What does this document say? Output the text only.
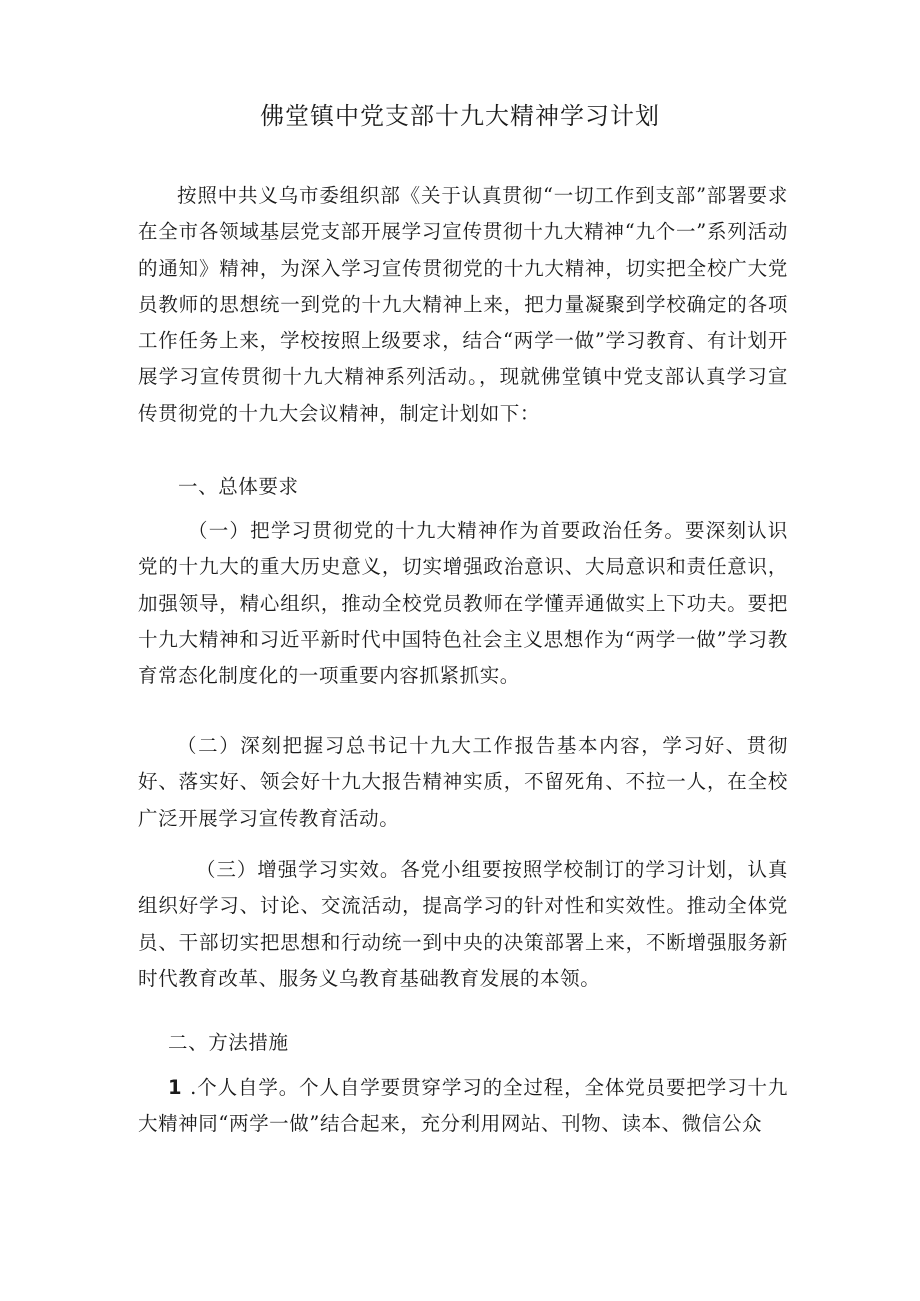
佛堂镇中党支部十九大精神学习计划

按照中共义乌市委组织部《关于认真贯彻“一切工作到支部”部署要求在全市各领域基层党支部开展学习宣传贯彻十九大精神“九个一”系列活动的通知》精神，为深入学习宣传贯彻党的十九大精神，切实把全校广大党员教师的思想统一到党的十九大精神上来，把力量凝聚到学校确定的各项工作任务上来，学校按照上级要求，结合“两学一做”学习教育、有计划开展学习宣传贯彻十九大精神系列活动。，现就佛堂镇中党支部认真学习宣传贯彻党的十九大会议精神，制定计划如下：

一、总体要求

（一）把学习贯彻党的十九大精神作为首要政治任务。要深刻认识党的十九大的重大历史意义，切实增强政治意识、大局意识和责任意识，加强领导，精心组织，推动全校党员教师在学懂弄通做实上下功夫。要把十九大精神和习近平新时代中国特色社会主义思想作为“两学一做”学习教育常态化制度化的一项重要内容抓紧抓实。

（二）深刻把握习总书记十九大工作报告基本内容，学习好、贯彻好、落实好、领会好十九大报告精神实质，不留死角、不拉一人，在全校广泛开展学习宣传教育活动。

（三）增强学习实效。各党小组要按照学校制订的学习计划，认真组织好学习、讨论、交流活动，提高学习的针对性和实效性。推动全体党员、干部切实把思想和行动统一到中央的决策部署上来，不断增强服务新时代教育改革、服务义乌教育基础教育发展的本领。

二、方法措施

1 .个人自学。个人自学要贯穿学习的全过程，全体党员要把学习十九大精神同“两学一做”结合起来，充分利用网站、刊物、读本、微信公众
